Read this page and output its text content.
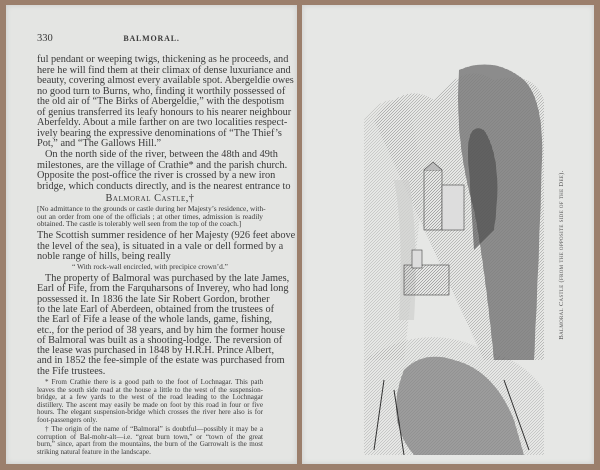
330	BALMORAL.
ful pendant or weeping twigs, thickening as he proceeds, and
here he will find them at their climax of dense luxuriance and
beauty, covering almost every available spot. Abergeldie owes
no good turn to Burns, who, finding it worthily possessed of
the old air of “The Birks of Abergeldie,” with the despotism
of genius transferred its leafy honours to his nearer neighbour
Aberfeldy. About a mile farther on are two localities respect-
ively bearing the expressive denominations of “The Thief’s
Pot,” and “The Gallows Hill.”
On the north side of the river, between the 48th and 49th
milestones, are the village of Crathie* and the parish church.
Opposite the post-office the river is crossed by a new iron
bridge, which conducts directly, and is the nearest entrance to
[No admittance to the grounds or castle during her Majesty’s residence, with-
out an order from one of the officials ; at other times, admission is readily
obtained. The castle is tolerably well seen from the top of the coach.]
The Scottish summer residence of her Majesty (926 feet above
the level of the sea), is situated in a vale or dell formed by a
noble range of hills, being really
The property of Balmoral was purchased by the late James,
Earl of Fife, from the Farquharsons of Inverey, who had long
possessed it. In 1836 the late Sir Robert Gordon, brother
to the late Earl of Aberdeen, obtained from the trustees of
the Earl of Fife a lease of the whole lands, game, fishing,
etc., for the period of 38 years, and by him the former house
of Balmoral was built as a shooting-lodge. The reversion of
the lease was purchased in 1848 by H.R.H. Prince Albert,
and in 1852 the fee-simple of the estate was purchased from
the Fife trustees.
* From Crathie there is a good path to the foot of Lochnagar. This path
leaves the south side road at the house a little to the west of the suspension-
bridge, at a few yards to the west of the road leading to the Lochnagar
distillery. The ascent may easily be made on foot by this road in four or five
hours. The elegant suspension-bridge which crosses the river here also is for
foot-passengers only.
† The origin of the name of “Balmoral” is doubtful—possibly it may be a
corruption of Bal-mohr-alt—i.e. “great burn town,” or “town of the great
burn,” since, apart from the mountains, the burn of the Garrowalt is the most
striking natural feature in the landscape.
Balmoral Castle,†
“ With rock-wall encircled, with precipice crown’d.”	Balmoral Castle (from the opposite side of the Dee).
